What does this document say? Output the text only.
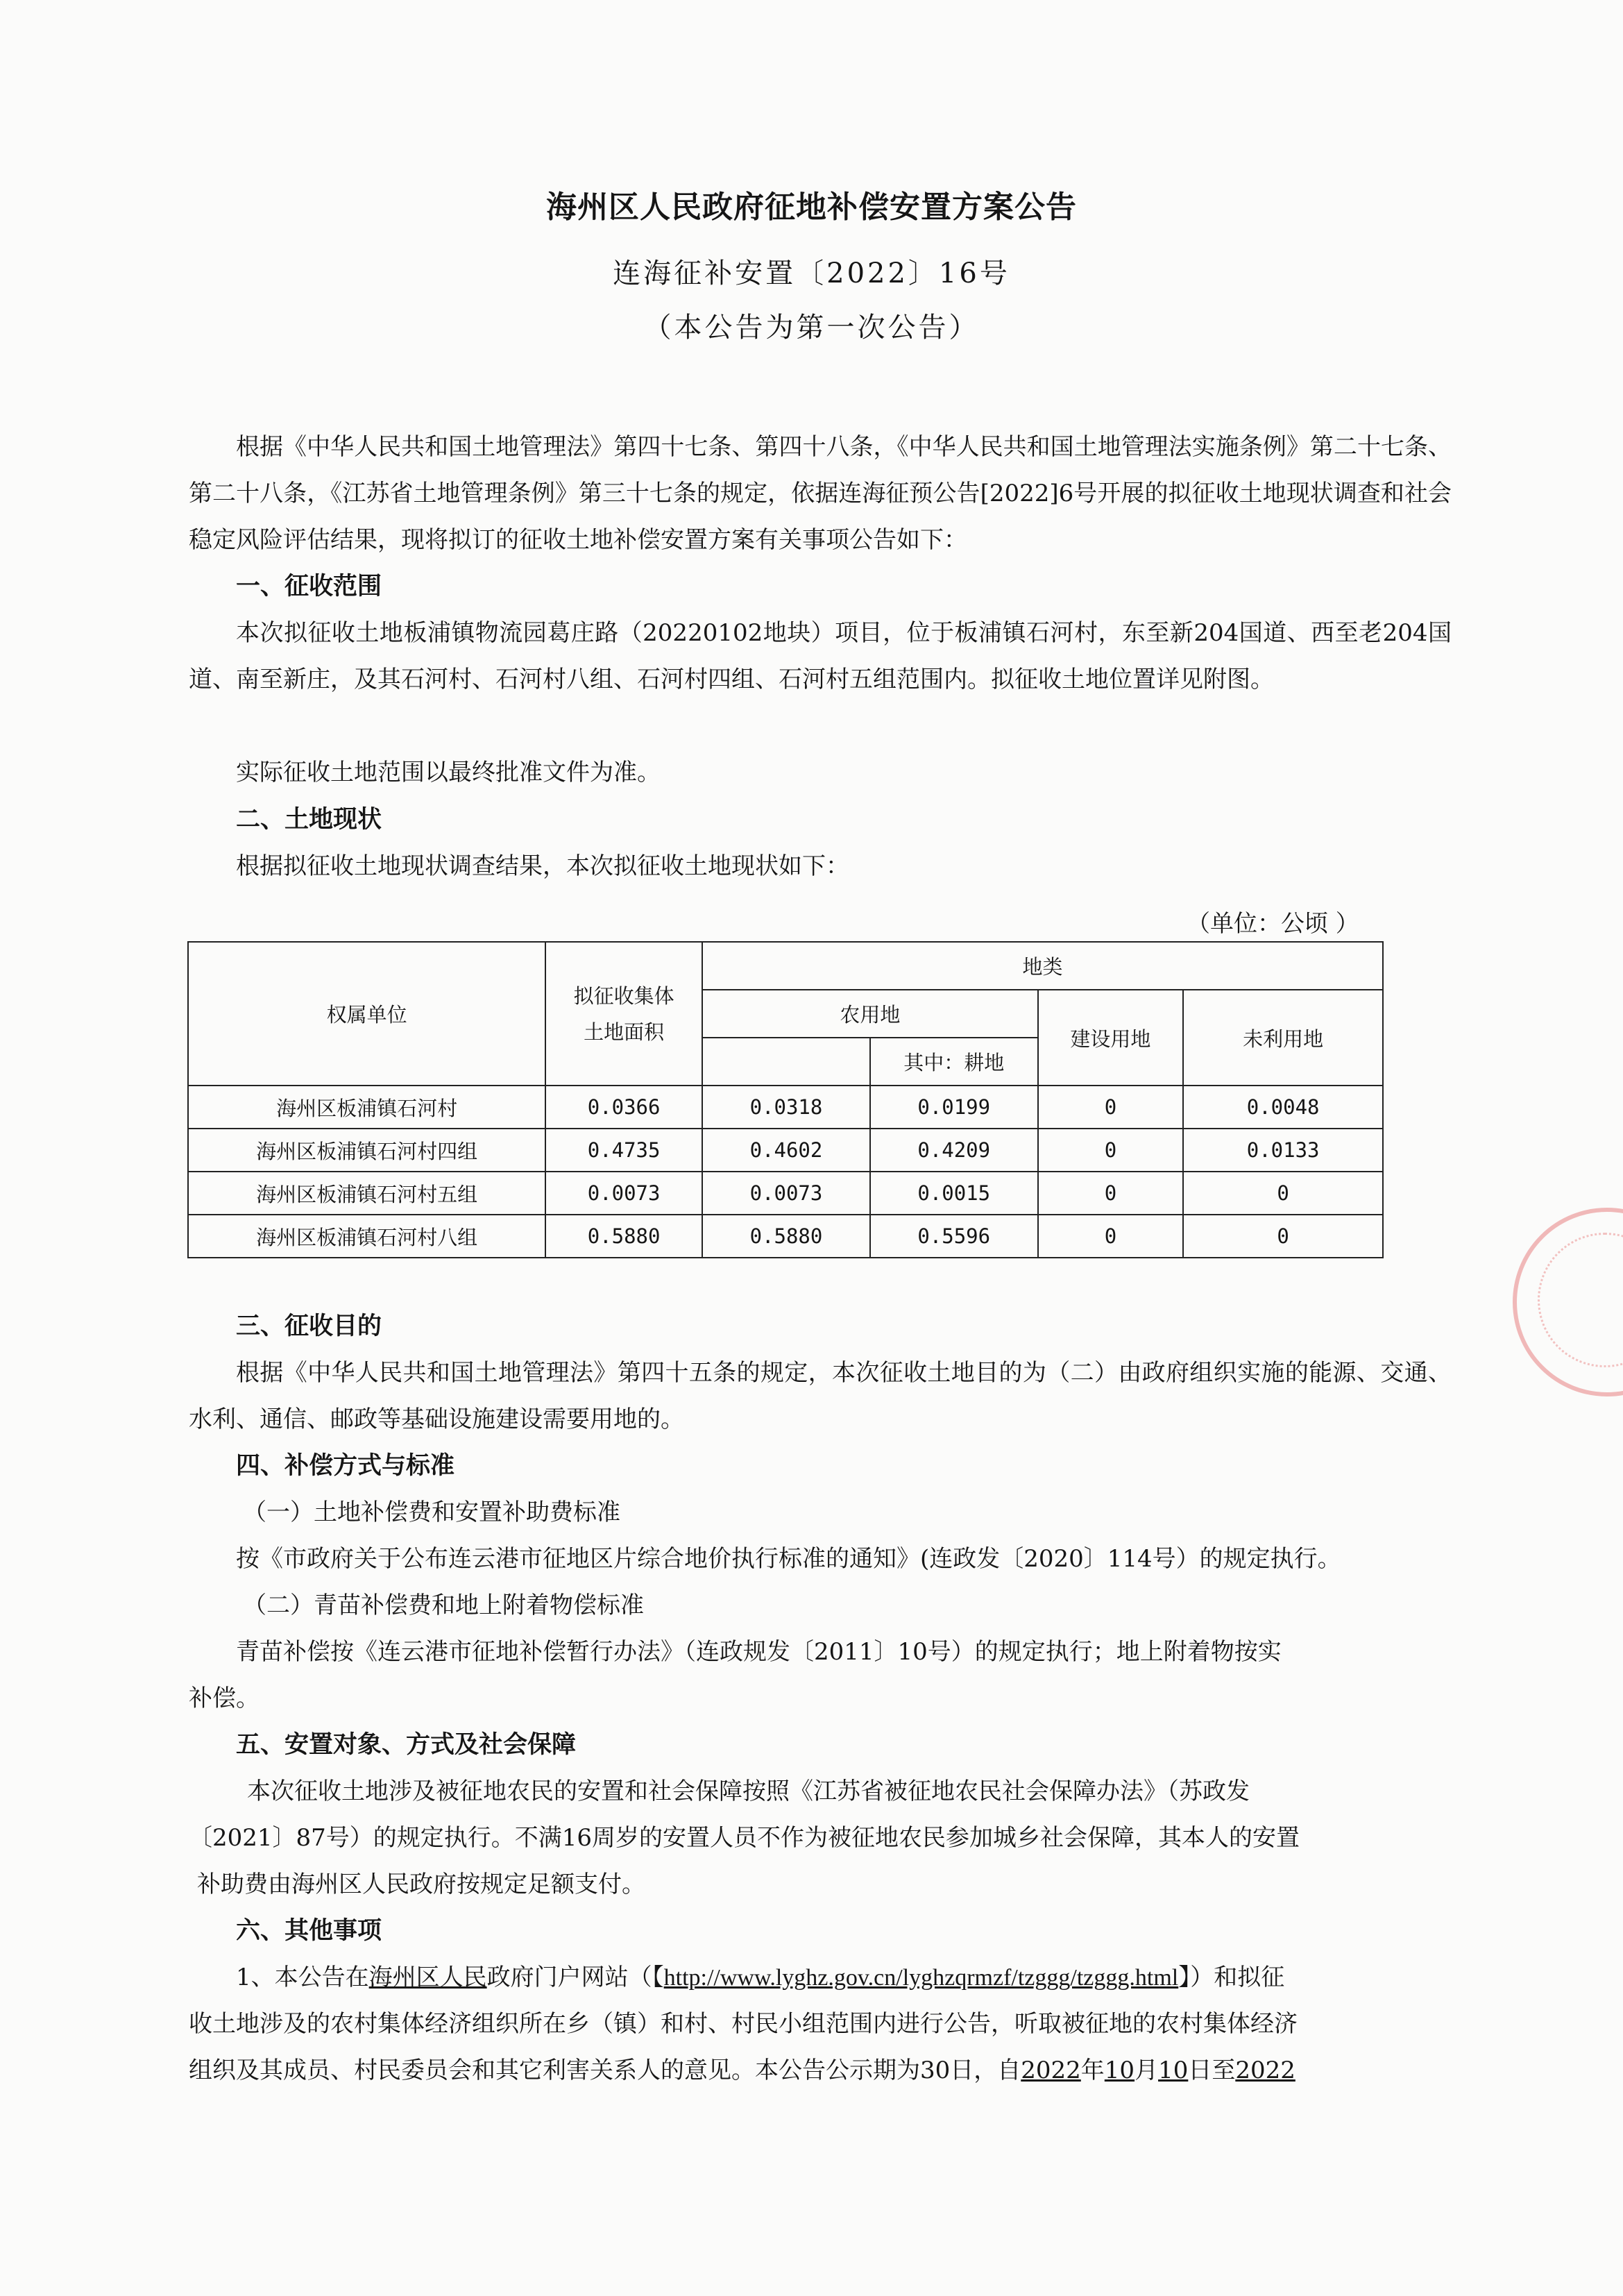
海州区人民政府征地补偿安置方案公告
连海征补安置〔2022〕16号
（本公告为第一次公告）
根据《中华人民共和国土地管理法》第四十七条、第四十八条，《中华人民共和国土地管理法实施条例》第二十七条、第二十八条，《江苏省土地管理条例》第三十七条的规定，依据连海征预公告[2022]6号开展的拟征收土地现状调查和社会稳定风险评估结果，现将拟订的征收土地补偿安置方案有关事项公告如下：
一、征收范围
本次拟征收土地板浦镇物流园葛庄路（20220102地块）项目，位于板浦镇石河村，东至新204国道、西至老204国道、南至新庄，及其石河村、石河村八组、石河村四组、石河村五组范围内。拟征收土地位置详见附图。
实际征收土地范围以最终批准文件为准。
二、土地现状
根据拟征收土地现状调查结果，本次拟征收土地现状如下：
（单位：公顷 ）
权属单位	拟征收集体土地面积	地类			
		农用地		建设用地	未利用地
			其中：耕地		
海州区板浦镇石河村	0.0366	0.0318	0.0199	0	0.0048
海州区板浦镇石河村四组	0.4735	0.4602	0.4209	0	0.0133
海州区板浦镇石河村五组	0.0073	0.0073	0.0015	0	0
海州区板浦镇石河村八组	0.5880	0.5880	0.5596	0	0
三、征收目的
根据《中华人民共和国土地管理法》第四十五条的规定，本次征收土地目的为（二）由政府组织实施的能源、交通、水利、通信、邮政等基础设施建设需要用地的。
四、补偿方式与标准
（一）土地补偿费和安置补助费标准
按《市政府关于公布连云港市征地区片综合地价执行标准的通知》(连政发〔2020〕114号）的规定执行。
（二）青苗补偿费和地上附着物偿标准
青苗补偿按《连云港市征地补偿暂行办法》（连政规发〔2011〕10号）的规定执行；地上附着物按实
补偿。
五、安置对象、方式及社会保障
本次征收土地涉及被征地农民的安置和社会保障按照《江苏省被征地农民社会保障办法》（苏政发
〔2021〕87号）的规定执行。不满16周岁的安置人员不作为被征地农民参加城乡社会保障，其本人的安置
补助费由海州区人民政府按规定足额支付。
六、其他事项
1、本公告在海州区人民政府门户网站（【http://www.lyghz.gov.cn/lyghzqrmzf/tzggg/tzggg.html】）和拟征
收土地涉及的农村集体经济组织所在乡（镇）和村、村民小组范围内进行公告，听取被征地的农村集体经济
组织及其成员、村民委员会和其它利害关系人的意见。本公告公示期为30日，自2022年10月10日至2022
